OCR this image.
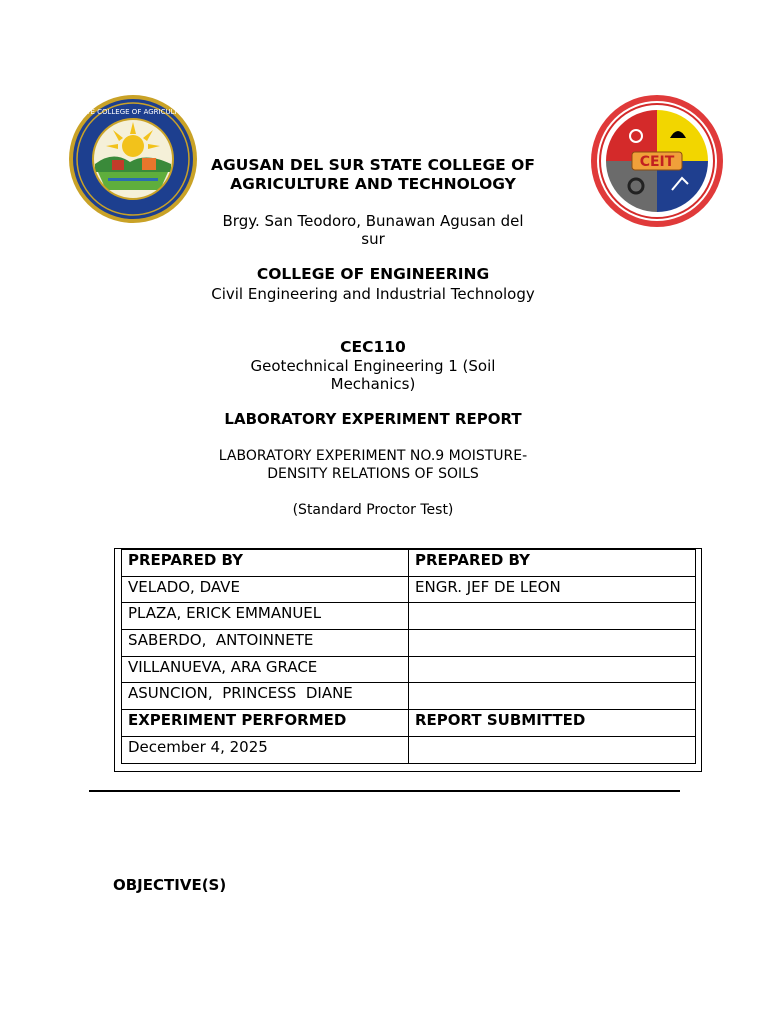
STATE COLLEGE OF AGRICULTURE
CEIT
AGUSAN DEL SUR STATE COLLEGE OF AGRICULTURE AND TECHNOLOGY
Brgy. San Teodoro, Bunawan Agusan del sur
COLLEGE OF ENGINEERING
Civil Engineering and Industrial Technology
CEC110
Geotechnical Engineering 1 (Soil Mechanics)
LABORATORY EXPERIMENT REPORT
LABORATORY EXPERIMENT NO.9 MOISTURE-DENSITY RELATIONS OF SOILS
(Standard Proctor Test)
PREPARED BY	PREPARED BY
VELADO, DAVE	ENGR. JEF DE LEON
PLAZA, ERICK EMMANUEL	
SABERDO,  ANTOINNETE	
VILLANUEVA, ARA GRACE	
ASUNCION,  PRINCESS  DIANE	
EXPERIMENT PERFORMED	REPORT SUBMITTED
December 4, 2025	
OBJECTIVE(S)
